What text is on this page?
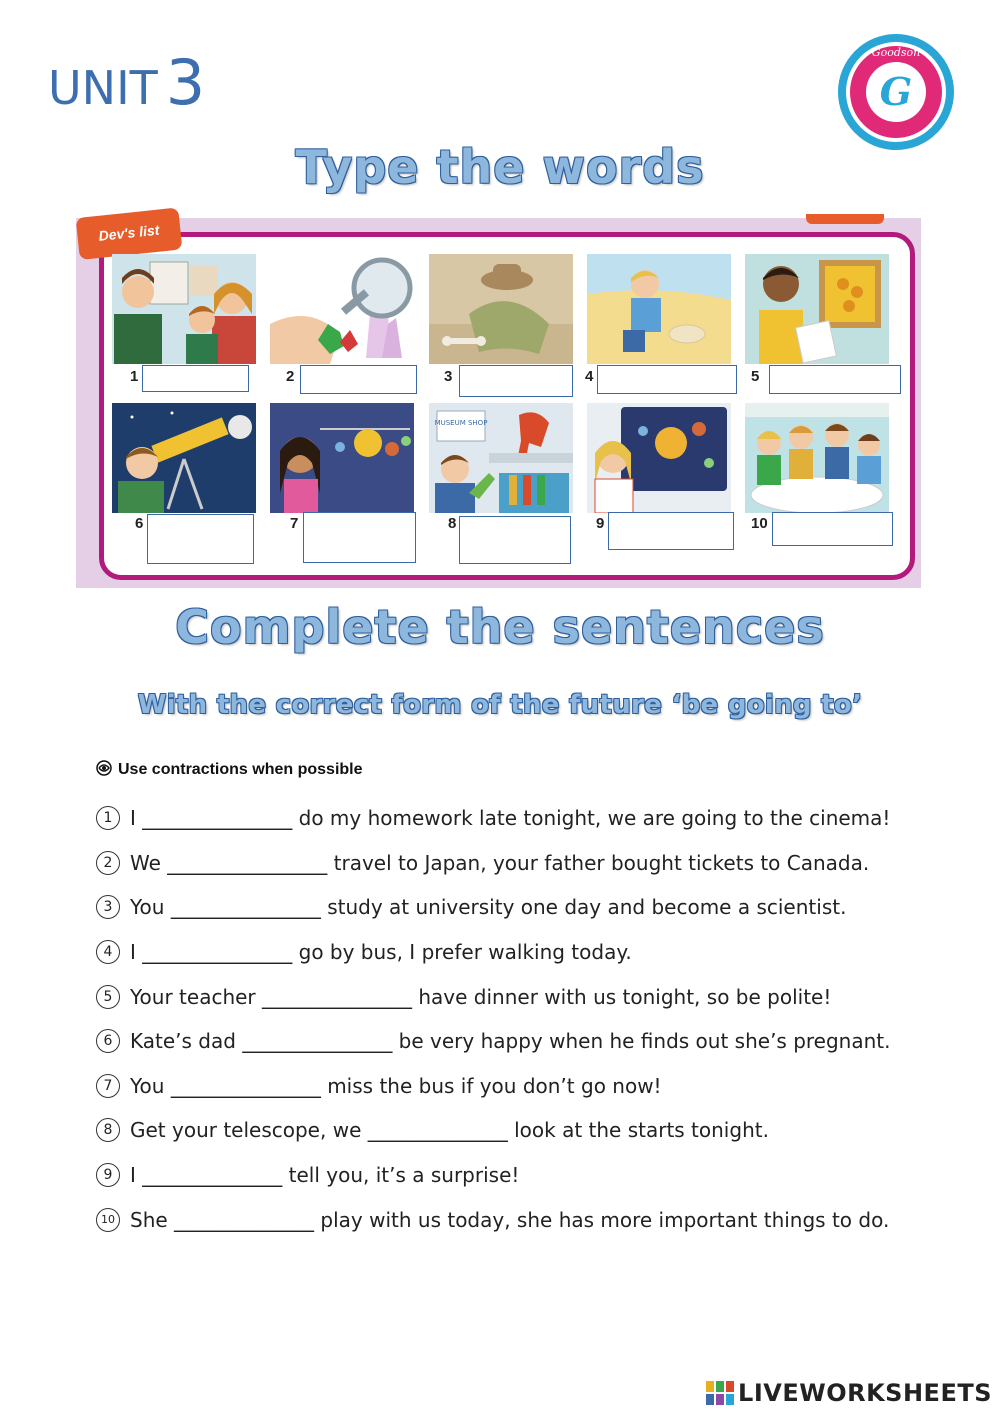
UNIT 3	G
Goodson
Type the words
Dev's list
MUSEUM SHOP
1	2	3	4	5
6	7	8	9	10
Complete the sentences
With the correct form of the future ‘be going to’
Use contractions when possible
1 I
_______________
do my homework late tonight, we are going to the cinema!
2 We
________________
travel to Japan, your father bought tickets to Canada.
3 You
_______________
study at university one day and become a scientist.
4 I
_______________
go by bus, I prefer walking today.
5 Your teacher
_______________
have dinner with us tonight, so be polite!
6 Kate’s dad
_______________
be very happy when he finds out she’s pregnant.
7 You
_______________
miss the bus if you don’t go now!
8 Get your telescope, we
______________
look at the starts tonight.
9 I
______________
tell you, it’s a surprise!
10 She
______________
play with us today, she has more important things to do.
LIVEWORKSHEETS
